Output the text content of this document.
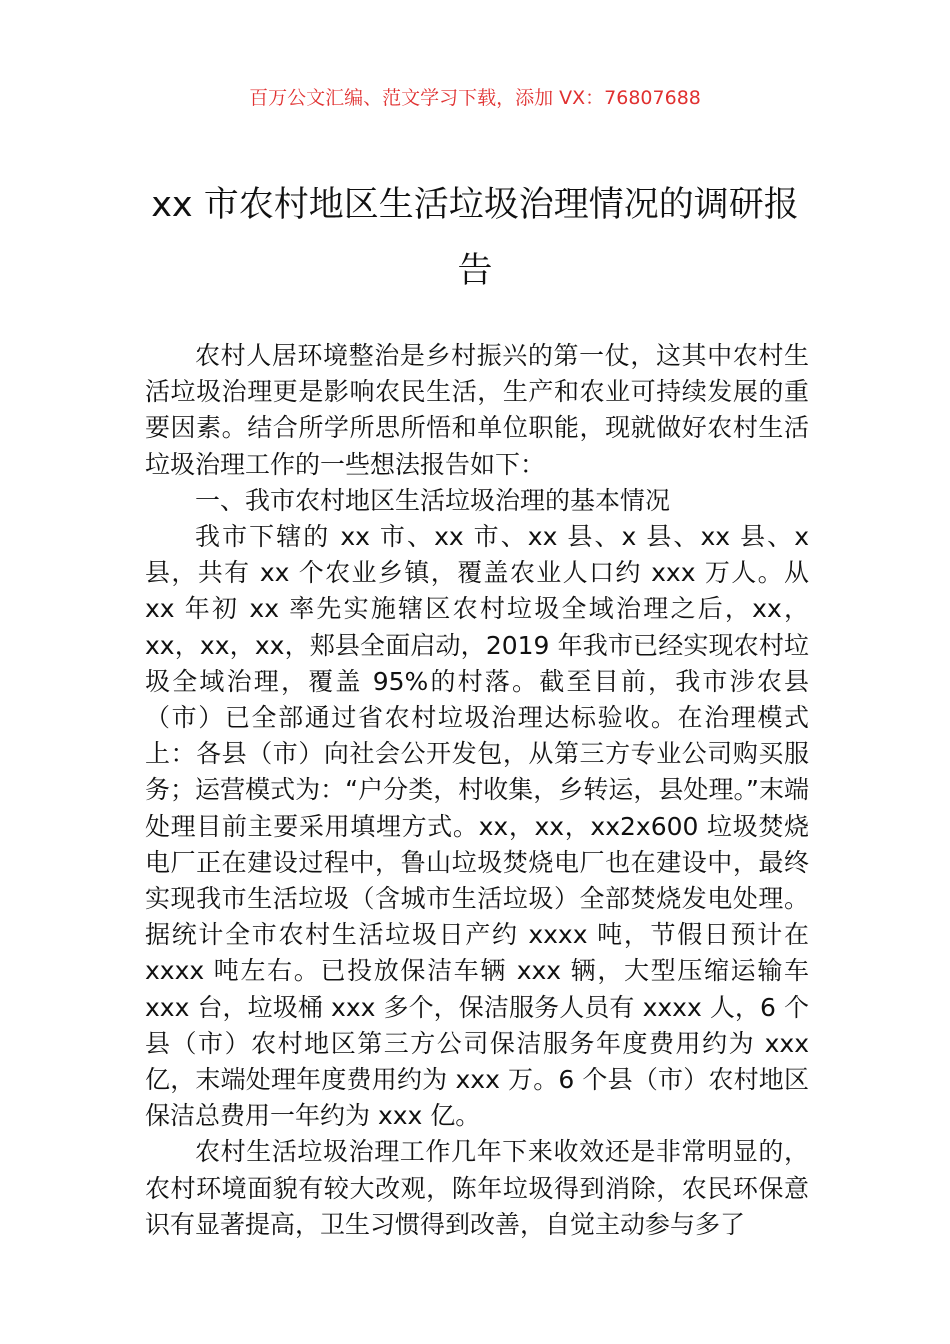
百万公文汇编、范文学习下载，添加 VX：76807688
xx 市农村地区生活垃圾治理情况的调研报告

农村人居环境整治是乡村振兴的第一仗，这其中农村生活垃圾治理更是影响农民生活，生产和农业可持续发展的重要因素。结合所学所思所悟和单位职能，现就做好农村生活垃圾治理工作的一些想法报告如下：

一、我市农村地区生活垃圾治理的基本情况

我市下辖的 xx 市、xx 市、xx 县、x 县、xx 县、x 县，共有 xx 个农业乡镇，覆盖农业人口约 xxx 万人。从 xx 年初 xx 率先实施辖区农村垃圾全域治理之后，xx，xx，xx，xx，郏县全面启动，2019 年我市已经实现农村垃圾全域治理，覆盖 95%的村落。截至目前，我市涉农县（市）已全部通过省农村垃圾治理达标验收。在治理模式上：各县（市）向社会公开发包，从第三方专业公司购买服务；运营模式为：“户分类，村收集，乡转运，县处理。”末端处理目前主要采用填埋方式。xx，xx，xx2x600 垃圾焚烧电厂正在建设过程中，鲁山垃圾焚烧电厂也在建设中，最终实现我市生活垃圾（含城市生活垃圾）全部焚烧发电处理。据统计全市农村生活垃圾日产约 xxxx 吨，节假日预计在 xxxx 吨左右。已投放保洁车辆 xxx 辆，大型压缩运输车 xxx 台，垃圾桶 xxx 多个，保洁服务人员有 xxxx 人，6 个县（市）农村地区第三方公司保洁服务年度费用约为 xxx 亿，末端处理年度费用约为 xxx 万。6 个县（市）农村地区保洁总费用一年约为 xxx 亿。

农村生活垃圾治理工作几年下来收效还是非常明显的，农村环境面貌有较大改观，陈年垃圾得到消除，农民环保意识有显著提高，卫生习惯得到改善，自觉主动参与多了
